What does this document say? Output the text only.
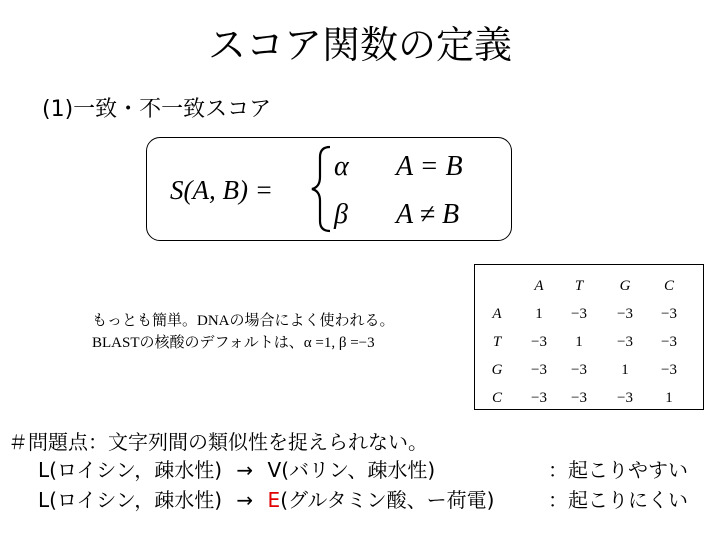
スコア関数の定義
(1)一致・不一致スコア
S(A, B) =
α A = B
β A ≠ B
もっとも簡単。DNAの場合によく使われる。
BLASTの核酸のデフォルトは、α =1, β =−3
A T G C
A 1 −3 −3 −3
T −3 1 −3 −3
G −3 −3 1 −3
C −3 −3 −3 1
＃問題点：文字列間の類似性を捉えられない。
L(ロイシン，疎水性) → V(バリン、疎水性)	：起こりやすい
L(ロイシン，疎水性) → E(グルタミン酸、ー荷電)	：起こりにくい
